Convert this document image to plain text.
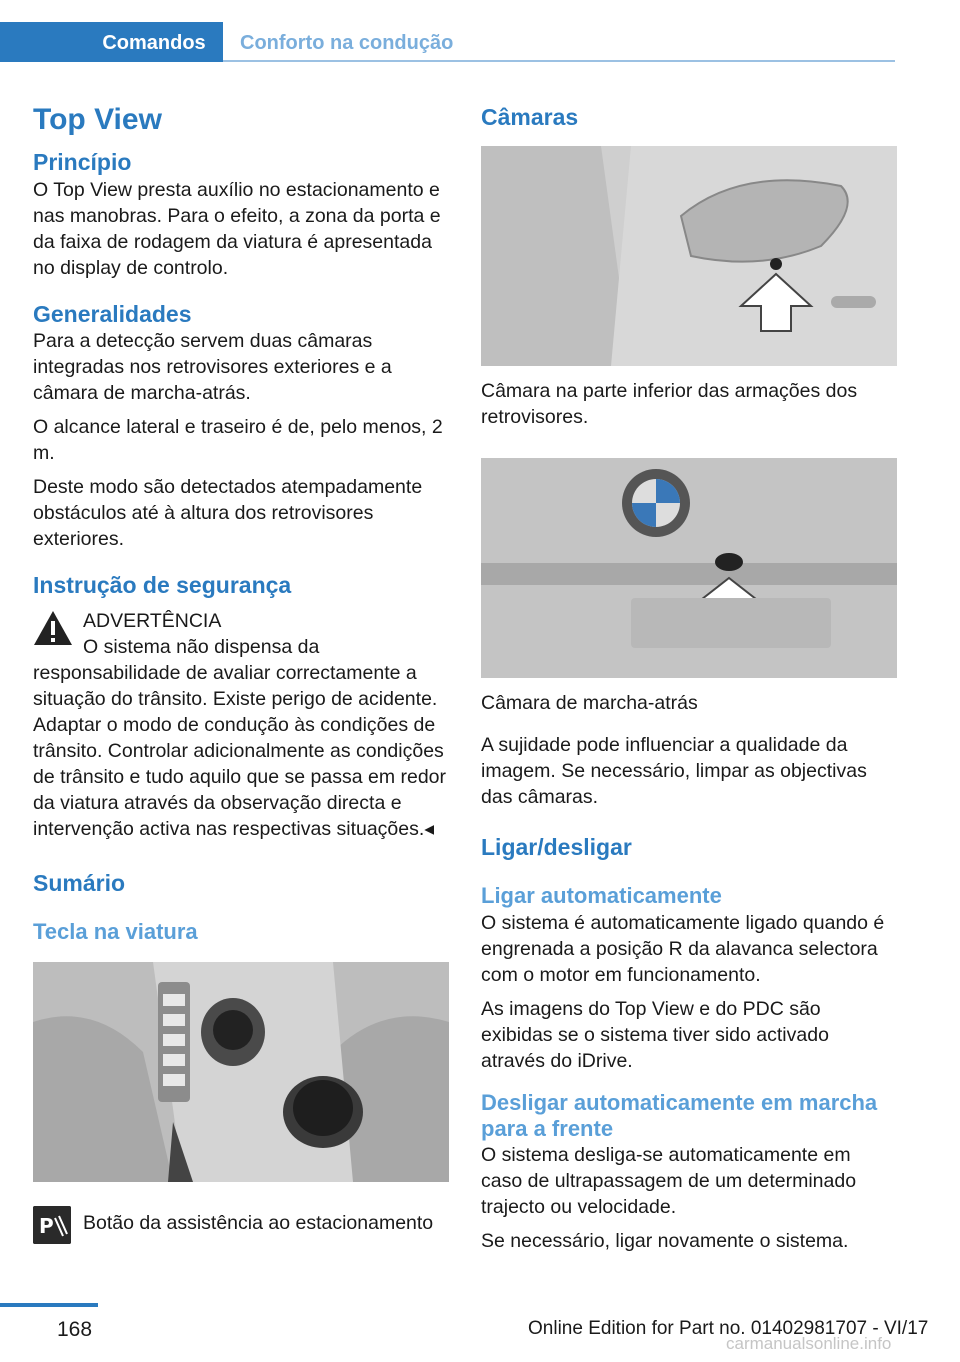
Comandos	Conforto na condução
Top View
Princípio

O Top View presta auxílio no estacionamento e nas manobras. Para o efeito, a zona da porta e da faixa de rodagem da viatura é apresentada no display de controlo.

Generalidades

Para a detecção servem duas câmaras integradas nos retrovisores exteriores e a câmara de marcha-atrás.

O alcance lateral e traseiro é de, pelo menos, 2 m.

Deste modo são detectados atempadamente obstáculos até à altura dos retrovisores exteriores.

Instrução de segurança

ADVERTÊNCIA

O sistema não dispensa da responsabilidade de avaliar correctamente a situação do trânsito. Existe perigo de acidente. Adaptar o modo de condução às condições de trânsito. Controlar adicionalmente as condições de trânsito e tudo aquilo que se passa em redor da viatura através da observação directa e intervenção activa nas respectivas situações.◂

Sumário
Tecla na viatura
P Botão da assistência ao estacionamento

Câmaras

Câmara na parte inferior das armações dos retrovisores.

Câmara de marcha-atrás

A sujidade pode influenciar a qualidade da imagem. Se necessário, limpar as objectivas das câmaras.

Ligar/desligar
Ligar automaticamente

O sistema é automaticamente ligado quando é engrenada a posição R da alavanca selectora com o motor em funcionamento.

As imagens do Top View e do PDC são exibidas se o sistema tiver sido activado através do iDrive.

Desligar automaticamente em marcha para a frente

O sistema desliga-se automaticamente em caso de ultrapassagem de um determinado trajecto ou velocidade.

Se necessário, ligar novamente o sistema.

168	Online Edition for Part no. 01402981707 - VI/17
carmanualsonline.info
